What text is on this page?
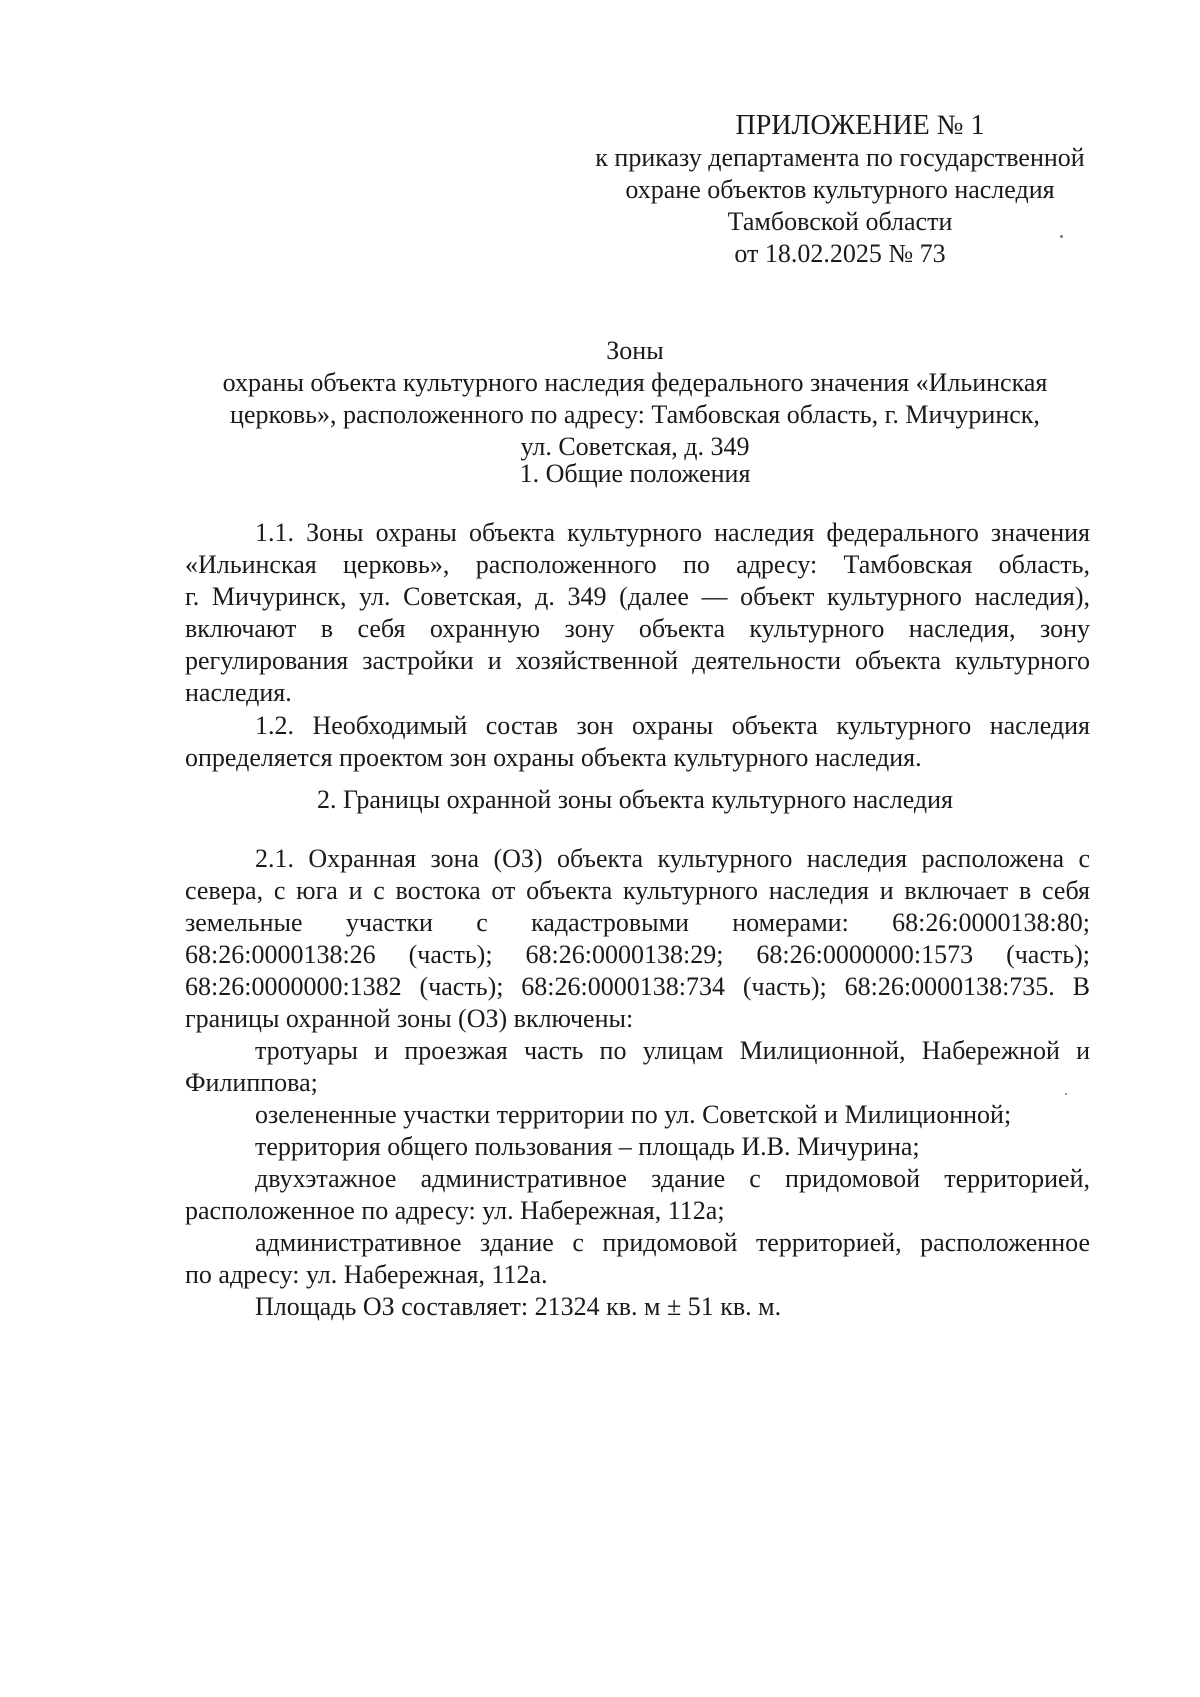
ПРИЛОЖЕНИЕ № 1
к приказу департамента по государственной
охране объектов культурного наследия
Тамбовской области
от 18.02.2025 № 73
Зоны
охраны объекта культурного наследия федерального значения «Ильинская
церковь», расположенного по адресу: Тамбовская область, г. Мичуринск,
ул. Советская, д. 349
1. Общие положения
1.1. Зоны охраны объекта культурного наследия федерального значения
«Ильинская церковь», расположенного по адресу: Тамбовская область,
г. Мичуринск, ул. Советская, д. 349 (далее — объект культурного наследия),
включают в себя охранную зону объекта культурного наследия, зону
регулирования застройки и хозяйственной деятельности объекта культурного
наследия.
1.2. Необходимый состав зон охраны объекта культурного наследия
определяется проектом зон охраны объекта культурного наследия.
2. Границы охранной зоны объекта культурного наследия
2.1. Охранная зона (ОЗ) объекта культурного наследия расположена с
севера, с юга и с востока от объекта культурного наследия и включает в себя
земельные участки с кадастровыми номерами: 68:26:0000138:80;
68:26:0000138:26 (часть); 68:26:0000138:29; 68:26:0000000:1573 (часть);
68:26:0000000:1382 (часть); 68:26:0000138:734 (часть); 68:26:0000138:735. В
границы охранной зоны (ОЗ) включены:
тротуары и проезжая часть по улицам Милиционной, Набережной и
Филиппова;
озелененные участки территории по ул. Советской и Милиционной;
территория общего пользования – площадь И.В. Мичурина;
двухэтажное административное здание с придомовой территорией,
расположенное по адресу: ул. Набережная, 112а;
административное здание с придомовой территорией, расположенное
по адресу: ул. Набережная, 112а.
Площадь ОЗ составляет: 21324 кв. м ± 51 кв. м.
